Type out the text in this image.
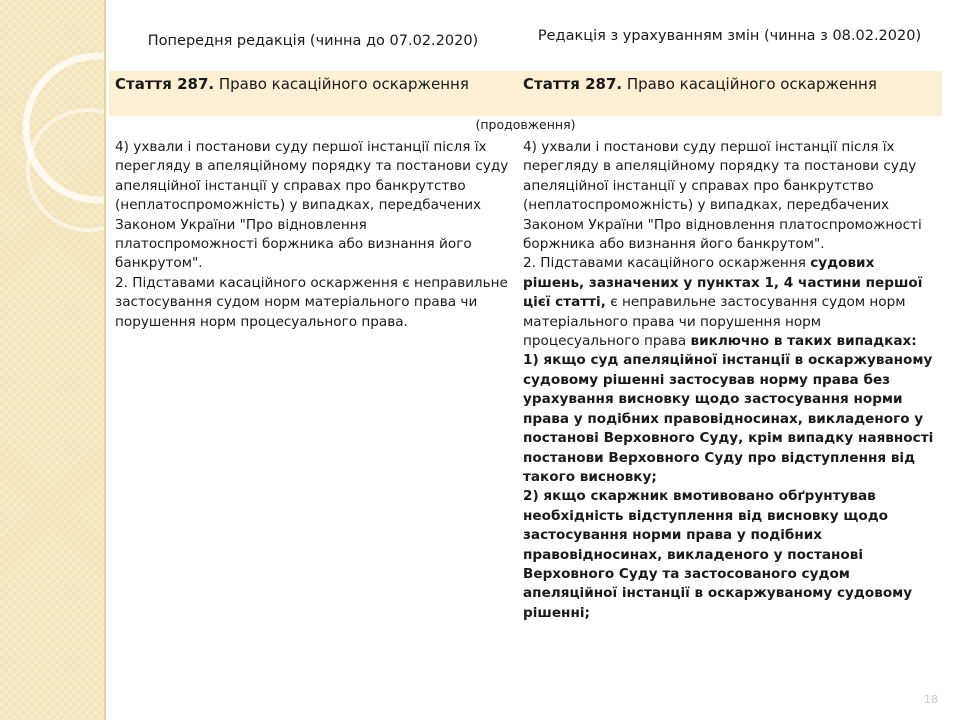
Попередня редакція (чинна до 07.02.2020)	Редакція з урахуванням змін (чинна з 08.02.2020)
Стаття 287. Право касаційного оскарження	Стаття 287. Право касаційного оскарження
(продовження)

4) ухвали і постанови суду першої інстанції після їх перегляду в апеляційному порядку та постанови суду апеляційної інстанції у справах про банкрутство (неплатоспроможність) у випадках, передбачених Законом України "Про відновлення платоспроможності боржника або визнання його банкрутом".

2. Підставами касаційного оскарження є неправильне застосування судом норм матеріального права чи порушення норм процесуального права.

4) ухвали і постанови суду першої інстанції після їх перегляду в апеляційному порядку та постанови суду апеляційної інстанції у справах про банкрутство (неплатоспроможність) у випадках, передбачених Законом України "Про відновлення платоспроможності боржника або визнання його банкрутом".

2. Підставами касаційного оскарження судових рішень, зазначених у пунктах 1, 4 частини першої цієї статті, є неправильне застосування судом норм матеріального права чи порушення норм процесуального права виключно в таких випадках:

1) якщо суд апеляційної інстанції в оскаржуваному судовому рішенні застосував норму права без урахування висновку щодо застосування норми права у подібних правовідносинах, викладеного у постанові Верховного Суду, крім випадку наявності постанови Верховного Суду про відступлення від такого висновку;

2) якщо скаржник вмотивовано обґрунтував необхідність відступлення від висновку щодо застосування норми права у подібних правовідносинах, викладеного у постанові Верховного Суду та застосованого судом апеляційної інстанції в оскаржуваному судовому рішенні;

18
